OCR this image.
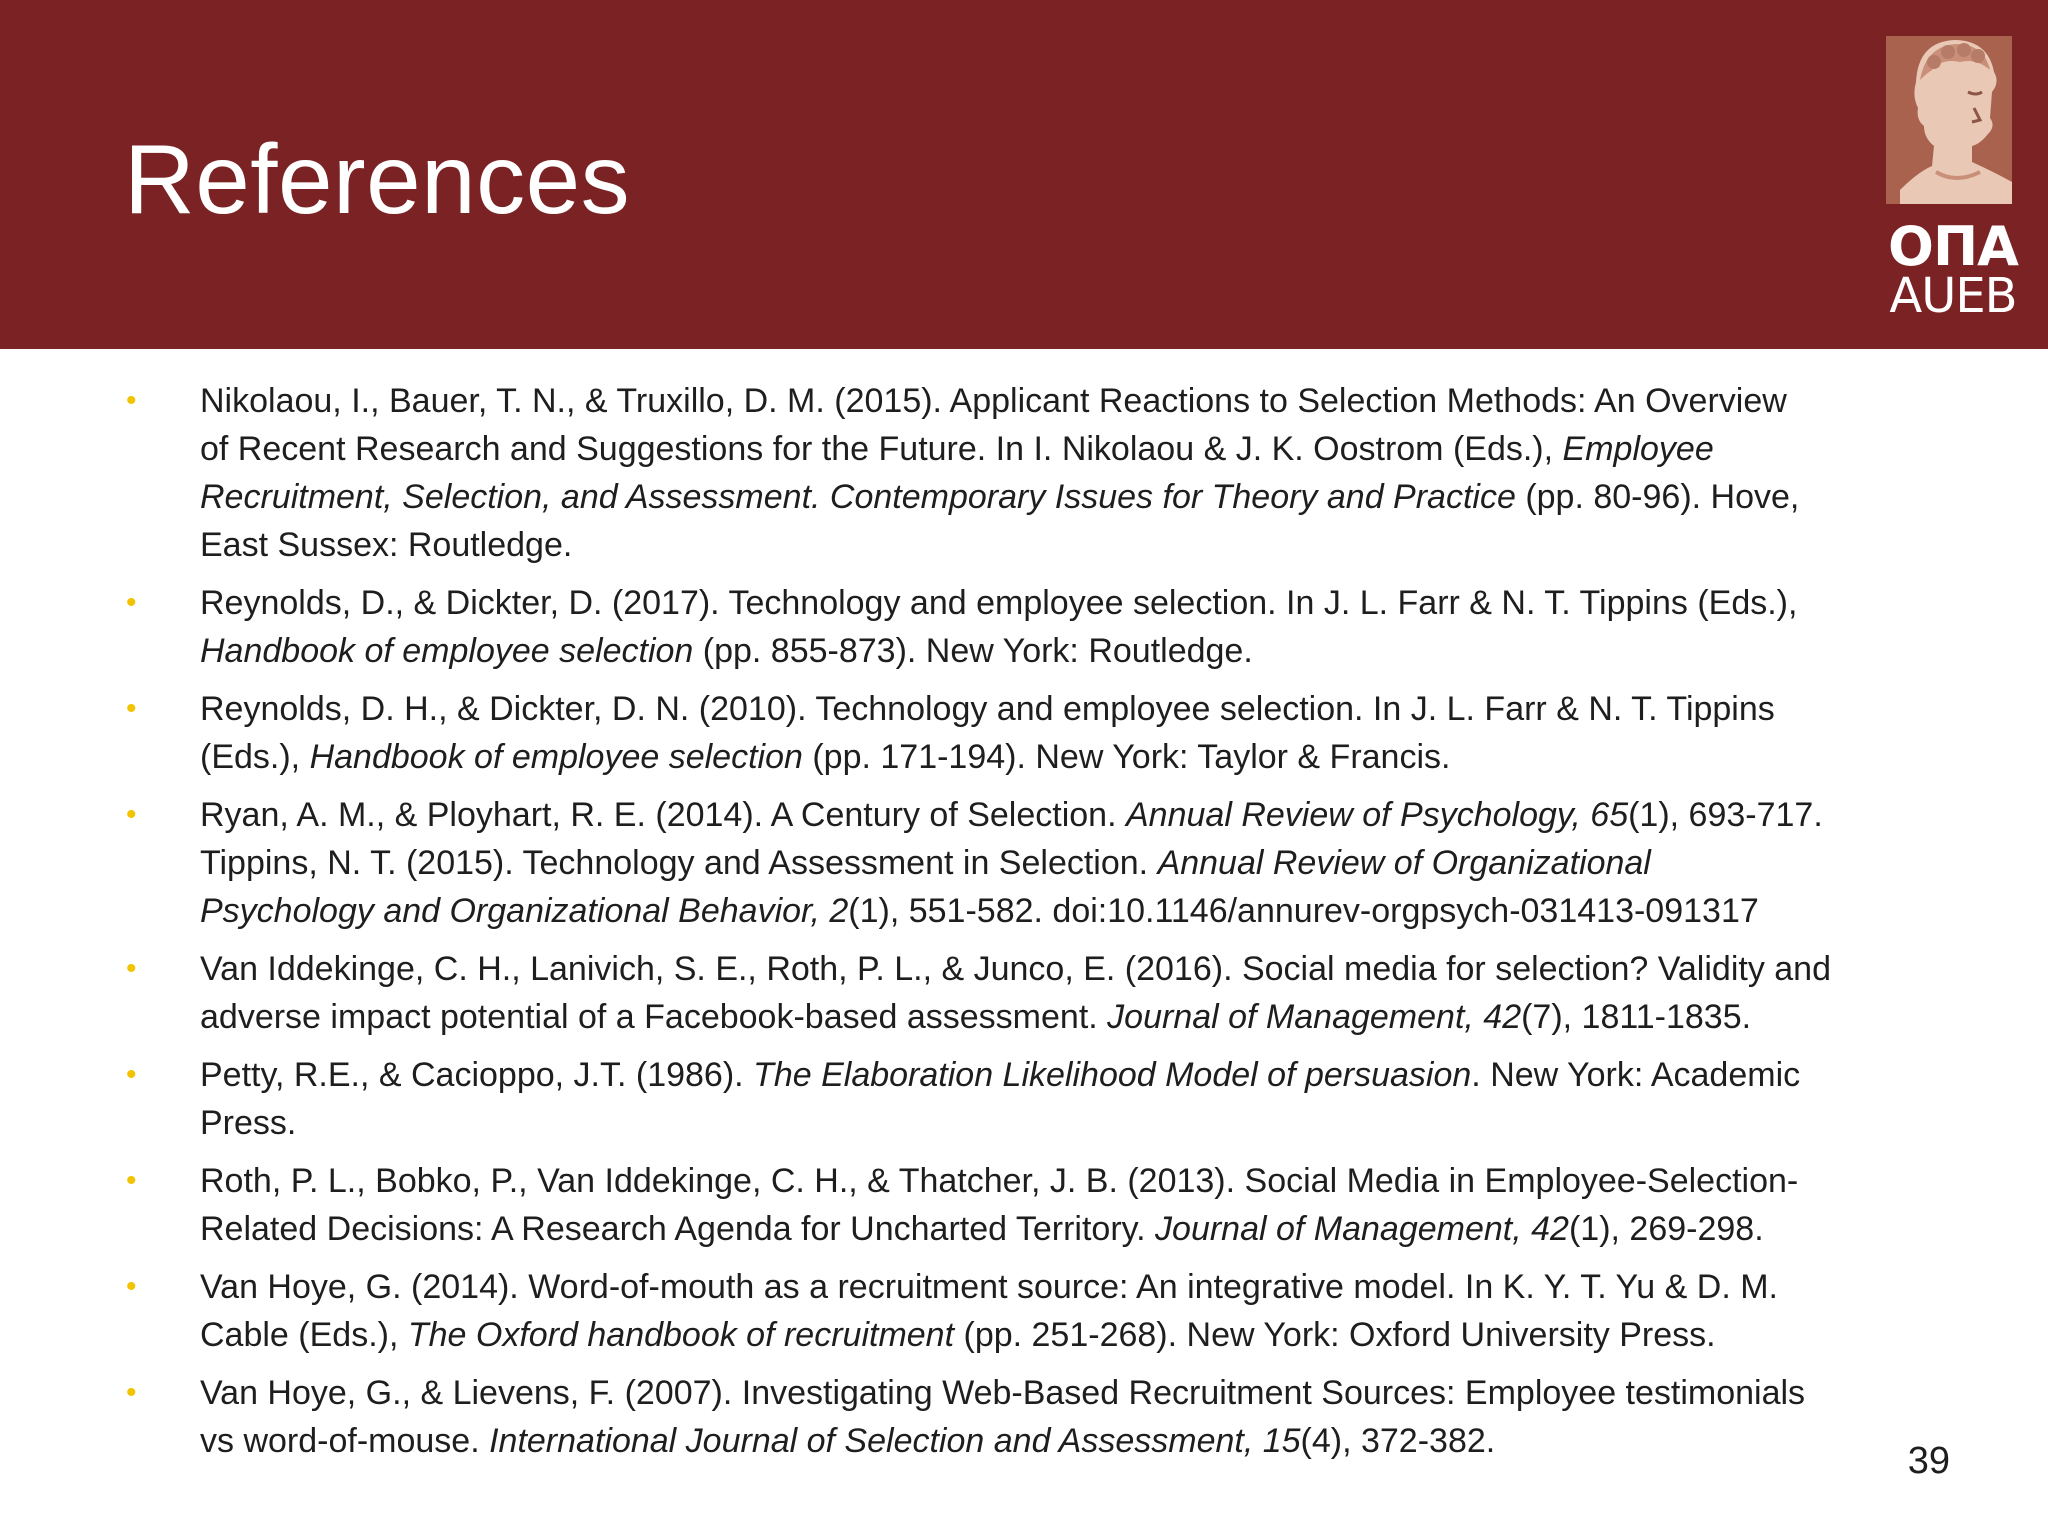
References
ΟΠΑ
AUEB
• Nikolaou, I., Bauer, T. N., & Truxillo, D. M. (2015). Applicant Reactions to Selection Methods: An Overview
of Recent Research and Suggestions for the Future. In I. Nikolaou & J. K. Oostrom (Eds.), Employee
Recruitment, Selection, and Assessment. Contemporary Issues for Theory and Practice (pp. 80-96). Hove,
East Sussex: Routledge.
• Reynolds, D., & Dickter, D. (2017). Technology and employee selection. In J. L. Farr & N. T. Tippins (Eds.),
Handbook of employee selection (pp. 855-873). New York: Routledge.
• Reynolds, D. H., & Dickter, D. N. (2010). Technology and employee selection. In J. L. Farr & N. T. Tippins
(Eds.), Handbook of employee selection (pp. 171-194). New York: Taylor & Francis.
• Ryan, A. M., & Ployhart, R. E. (2014). A Century of Selection. Annual Review of Psychology, 65(1), 693-717.
Tippins, N. T. (2015). Technology and Assessment in Selection. Annual Review of Organizational
Psychology and Organizational Behavior, 2(1), 551-582. doi:10.1146/annurev-orgpsych-031413-091317
• Van Iddekinge, C. H., Lanivich, S. E., Roth, P. L., & Junco, E. (2016). Social media for selection? Validity and
adverse impact potential of a Facebook-based assessment. Journal of Management, 42(7), 1811-1835.
• Petty, R.E., & Cacioppo, J.T. (1986). The Elaboration Likelihood Model of persuasion. New York: Academic
Press.
• Roth, P. L., Bobko, P., Van Iddekinge, C. H., & Thatcher, J. B. (2013). Social Media in Employee-Selection-
Related Decisions: A Research Agenda for Uncharted Territory. Journal of Management, 42(1), 269-298.
• Van Hoye, G. (2014). Word-of-mouth as a recruitment source: An integrative model. In K. Y. T. Yu & D. M.
Cable (Eds.), The Oxford handbook of recruitment (pp. 251-268). New York: Oxford University Press.
• Van Hoye, G., & Lievens, F. (2007). Investigating Web-Based Recruitment Sources: Employee testimonials
vs word-of-mouse. International Journal of Selection and Assessment, 15(4), 372-382.	39
